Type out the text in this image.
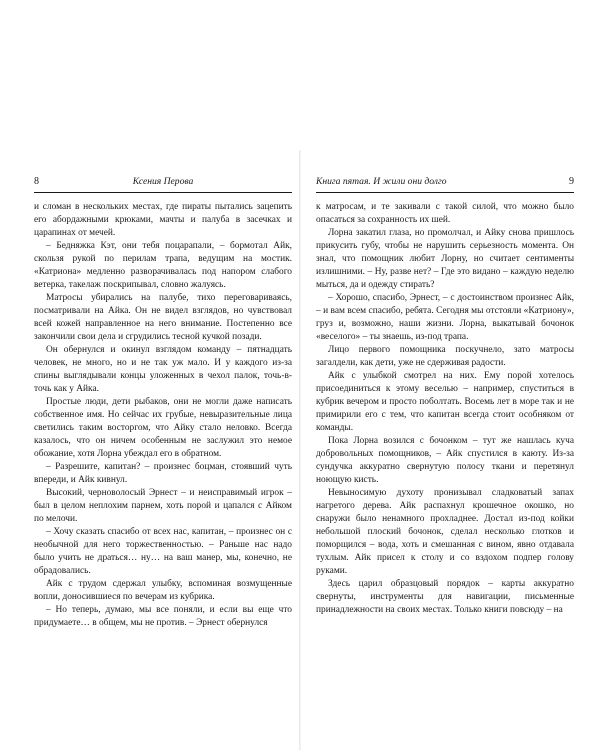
8	Ксения Перова

и сломан в нескольких местах, где пираты пытались зацепить его абордажными крюками, мачты и палуба в засечках и царапинах от мечей.

– Бедняжка Кэт, они тебя поцарапали, – бормотал Айк, скользя рукой по перилам трапа, ведущим на мостик. «Катриона» медленно разворачивалась под напором слабого ветерка, такелаж поскрипывал, словно жалуясь.

Матросы убирались на палубе, тихо переговариваясь, посматривали на Айка. Он не видел взглядов, но чувствовал всей кожей направленное на него внимание. Постепенно все закончили свои дела и сгрудились тесной кучкой позади.

Он обернулся и окинул взглядом команду – пятнадцать человек, не много, но и не так уж мало. И у каждого из-за спины выглядывали концы уложенных в чехол палок, точь-в-точь как у Айка.

Простые люди, дети рыбаков, они не могли даже написать собственное имя. Но сейчас их грубые, невыразительные лица светились таким восторгом, что Айку стало неловко. Всегда казалось, что он ничем особенным не заслужил это немое обожание, хотя Лорна убеждал его в обратном.

– Разрешите, капитан? – произнес боцман, стоявший чуть впереди, и Айк кивнул.

Высокий, черноволосый Эрнест – и неисправимый игрок – был в целом неплохим парнем, хоть порой и цапался с Айком по мелочи.

– Хочу сказать спасибо от всех нас, капитан, – произнес он с необычной для него торжественностью. – Раньше нас надо было учить не драться… ну… на ваш манер, мы, конечно, не обрадовались.

Айк с трудом сдержал улыбку, вспоминая возмущенные вопли, доносившиеся по вечерам из кубрика.

– Но теперь, думаю, мы все поняли, и если вы еще что придумаете… в общем, мы не против. – Эрнест обернулся

Книга пятая. И жили они долго	9

к матросам, и те закивали с такой силой, что можно было опасаться за сохранность их шей.

Лорна закатил глаза, но промолчал, и Айку снова пришлось прикусить губу, чтобы не нарушить серьезность момента. Он знал, что помощник любит Лорну, но считает сентименты излишними. – Ну, разве нет? – Где это видано – каждую неделю мыться, да и одежду стирать?

– Хорошо, спасибо, Эрнест, – с достоинством произнес Айк, – и вам всем спасибо, ребята. Сегодня мы отстояли «Катриону», груз и, возможно, наши жизни. Лорна, выкатывай бочонок «веселого» – ты знаешь, из-под трапа.

Лицо первого помощника поскучнело, зато матросы загалдели, как дети, уже не сдерживая радости.

Айк с улыбкой смотрел на них. Ему порой хотелось присоединиться к этому веселью – например, спуститься в кубрик вечером и просто поболтать. Восемь лет в море так и не примирили его с тем, что капитан всегда стоит особняком от команды.

Пока Лорна возился с бочонком – тут же нашлась куча добровольных помощников, – Айк спустился в каюту. Из-за сундучка аккуратно свернутую полосу ткани и перетянул ноющую кисть.

Невыносимую духоту пронизывал сладковатый запах нагретого дерева. Айк распахнул крошечное окошко, но снаружи было ненамного прохладнее. Достал из-под койки небольшой плоский бочонок, сделал несколько глотков и поморщился – вода, хоть и смешанная с вином, явно отдавала тухлым. Айк присел к столу и со вздохом подпер голову руками.

Здесь царил образцовый порядок – карты аккуратно свернуты, инструменты для навигации, письменные принадлежности на своих местах. Только книги повсюду – на
